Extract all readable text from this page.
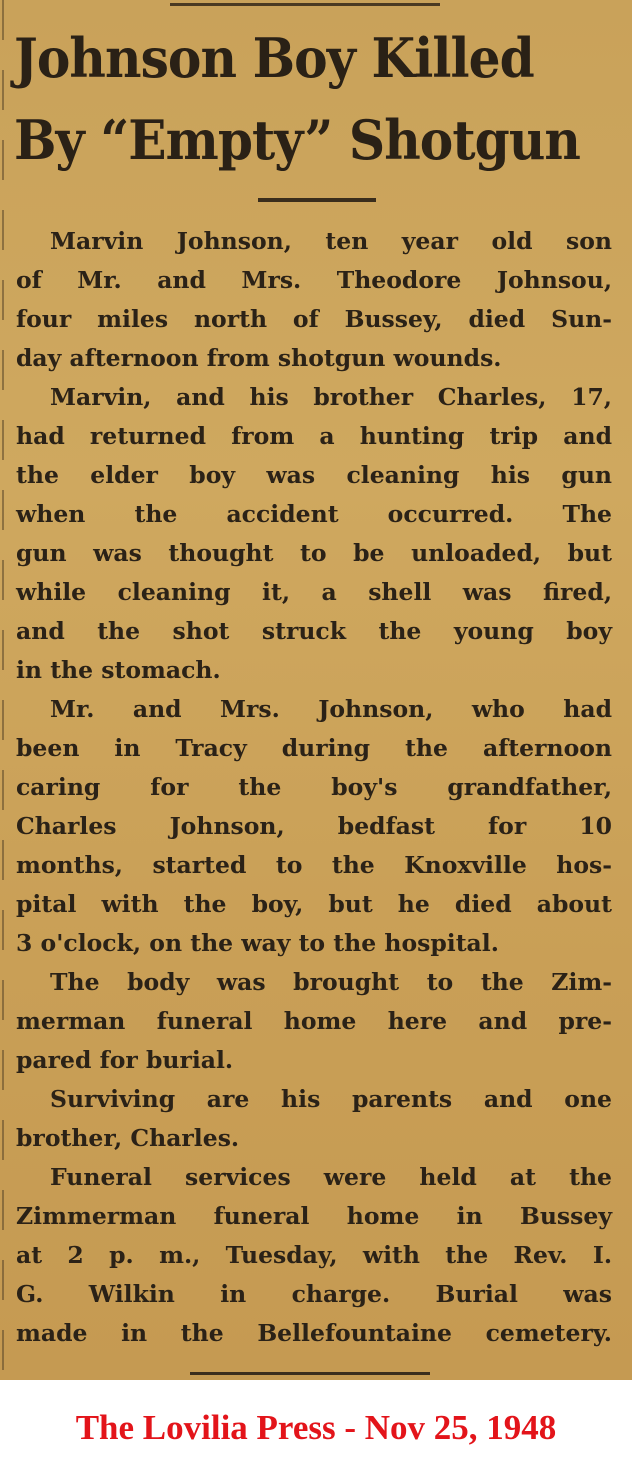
Johnson Boy Killed
By “Empty” Shotgun
Marvin Johnson, ten year old son
of Mr. and Mrs. Theodore Johnsou,
four miles north of Bussey, died Sun-
day afternoon from shotgun wounds.
Marvin, and his brother Charles, 17,
had returned from a hunting trip and
the elder boy was cleaning his gun
when the accident occurred. The
gun was thought to be unloaded, but
while cleaning it, a shell was fired,
and the shot struck the young boy
in the stomach.
Mr. and Mrs. Johnson, who had
been in Tracy during the afternoon
caring for the boy's grandfather,
Charles Johnson, bedfast for 10
months, started to the Knoxville hos-
pital with the boy, but he died about
3 o'clock, on the way to the hospital.
The body was brought to the Zim-
merman funeral home here and pre-
pared for burial.
Surviving are his parents and one
brother, Charles.
Funeral services were held at the
Zimmerman funeral home in Bussey
at 2 p. m., Tuesday, with the Rev. I.
G. Wilkin in charge. Burial was
made in the Bellefountaine cemetery.
The Lovilia Press - Nov 25, 1948
